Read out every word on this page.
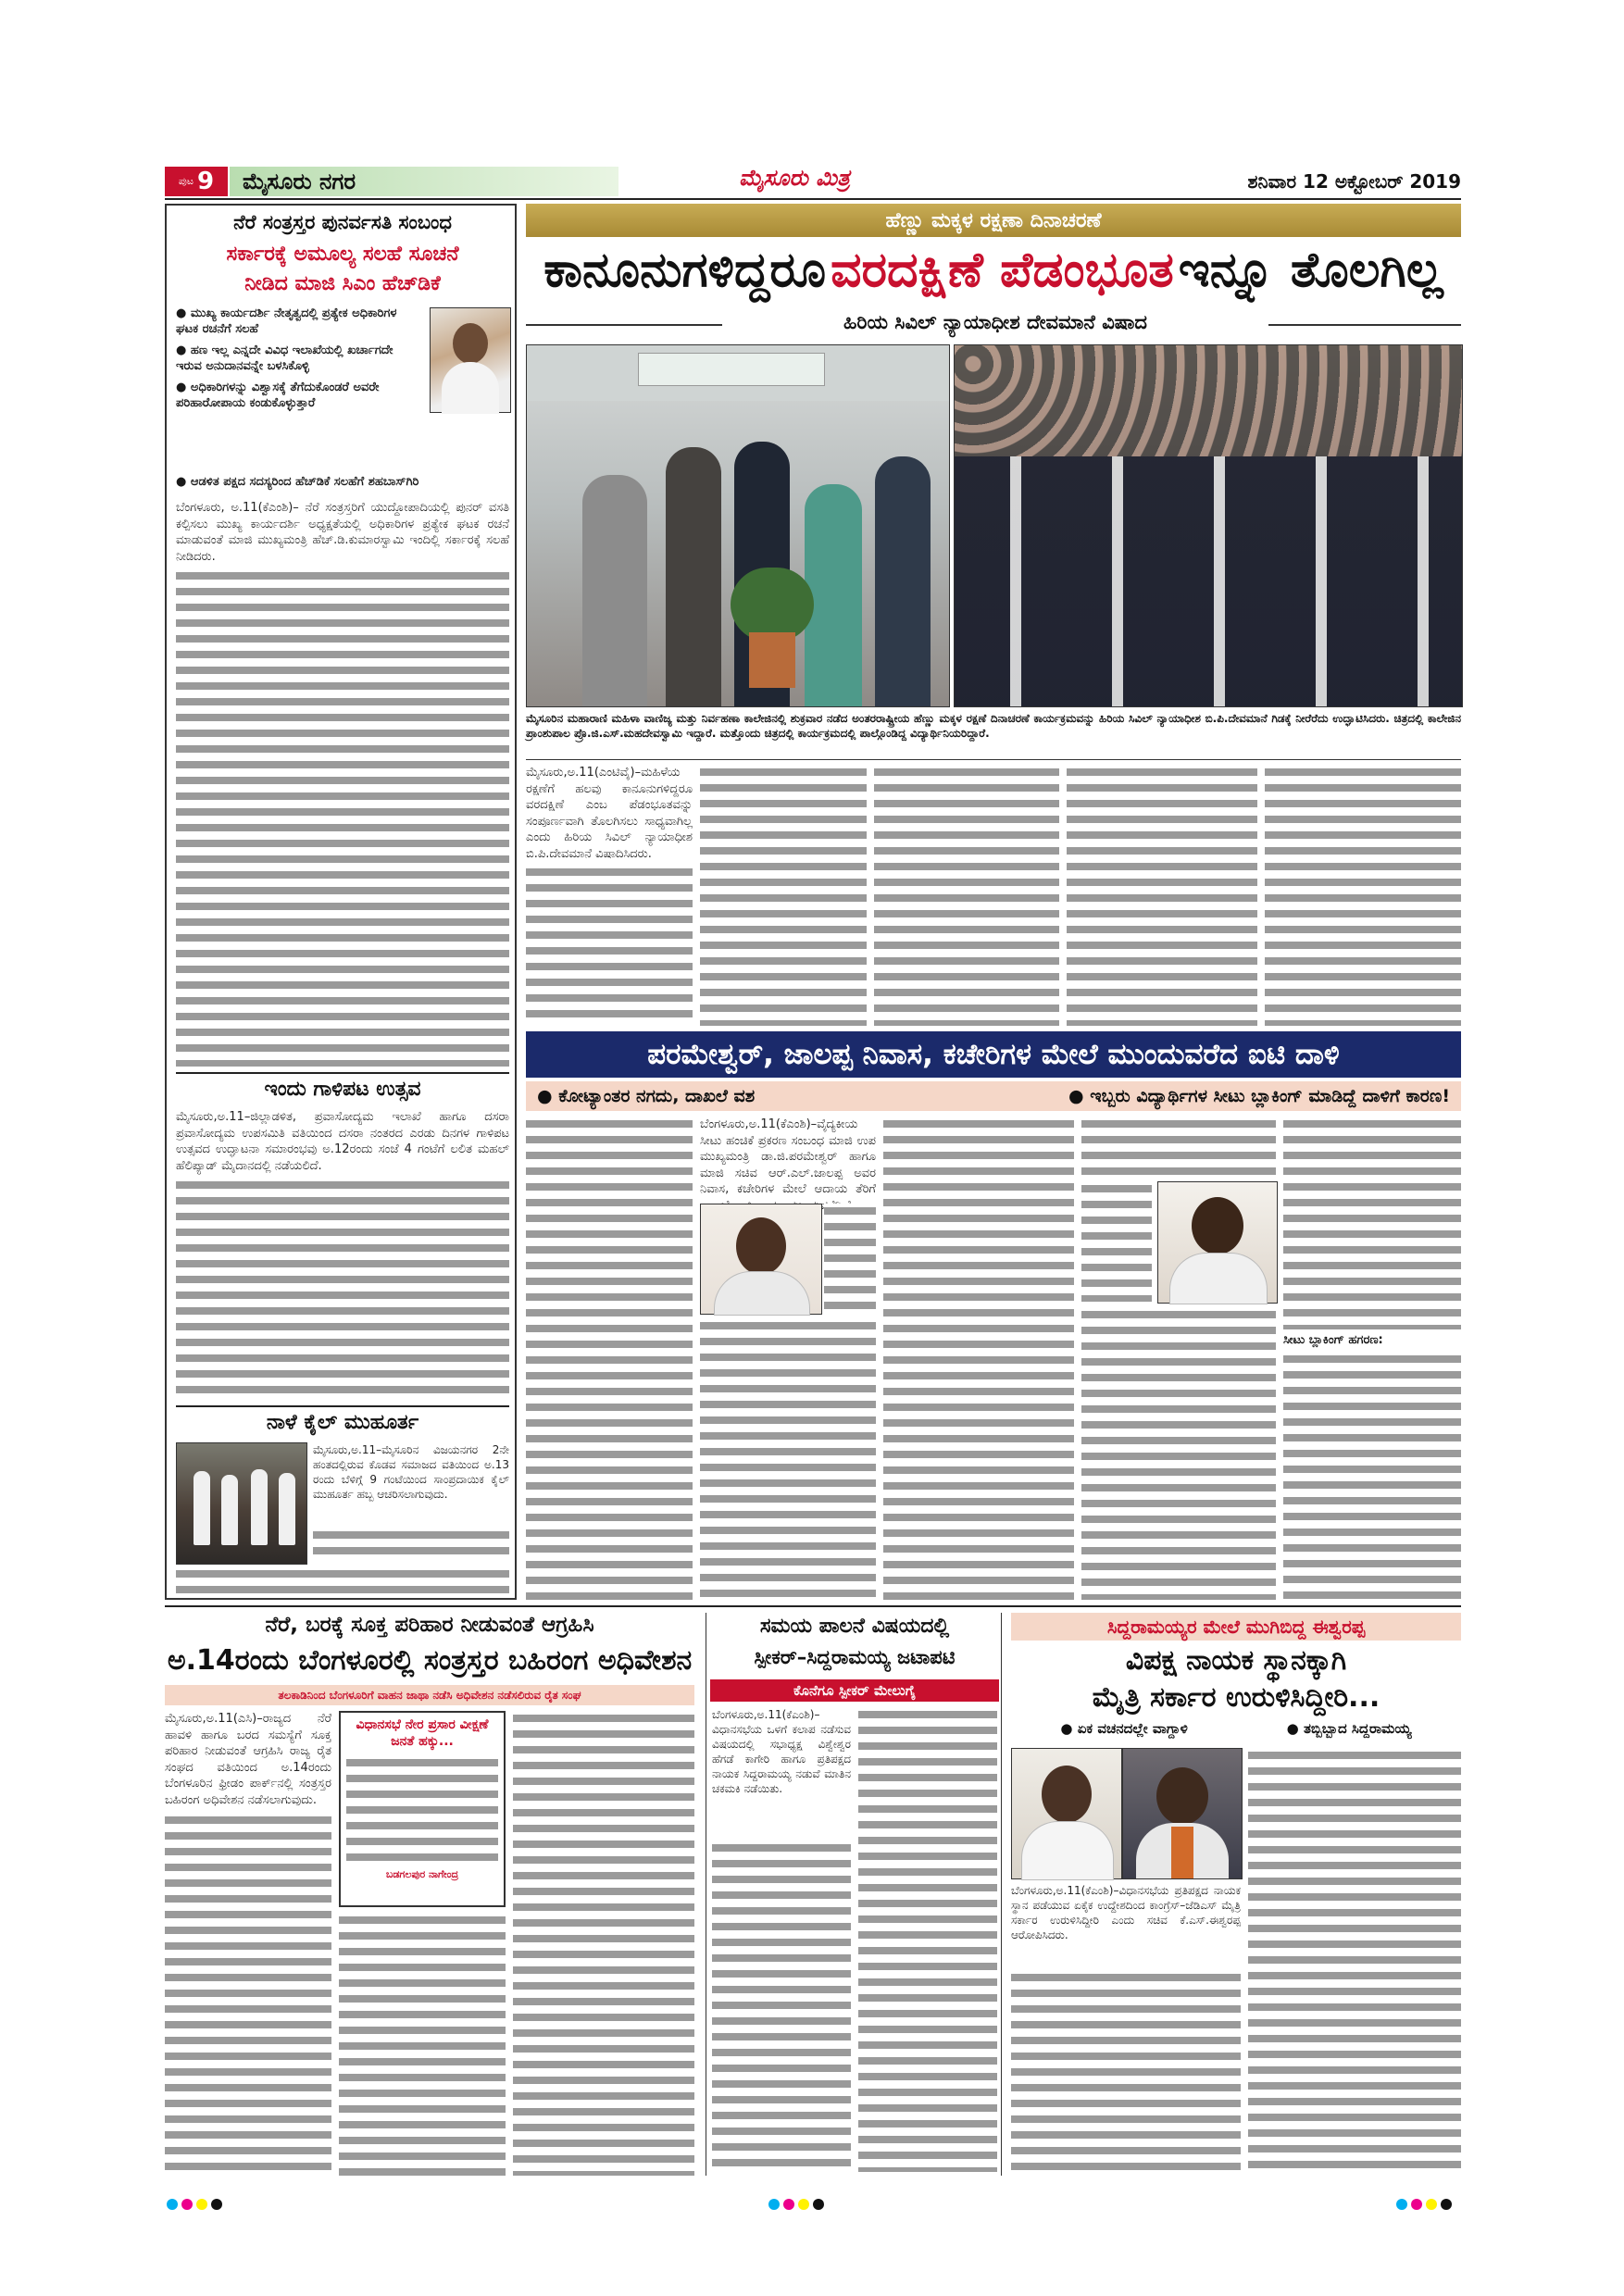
ಪುಟ 9 ಮೈಸೂರು ನಗರ	ಮೈಸೂರು ಮಿತ್ರ	ಶನಿವಾರ 12 ಅಕ್ಟೋಬರ್ 2019
ನೆರೆ ಸಂತ್ರಸ್ತರ ಪುನರ್ವಸತಿ ಸಂಬಂಧ
ಸರ್ಕಾರಕ್ಕೆ ಅಮೂಲ್ಯ ಸಲಹೆ ಸೂಚನೆ
ನೀಡಿದ ಮಾಜಿ ಸಿಎಂ ಹೆಚ್‌ಡಿಕೆ
● ಮುಖ್ಯ ಕಾರ್ಯದರ್ಶಿ ನೇತೃತ್ವದಲ್ಲಿ ಪ್ರತ್ಯೇಕ ಅಧಿಕಾರಿಗಳ ಘಟಕ ರಚನೆಗೆ ಸಲಹೆ
● ಹಣ ಇಲ್ಲ ಎನ್ನದೇ ವಿವಿಧ ಇಲಾಖೆಯಲ್ಲಿ ಖರ್ಚಾಗದೇ ಇರುವ ಅನುದಾನವನ್ನೇ ಬಳಸಿಕೊಳ್ಳಿ
● ಅಧಿಕಾರಿಗಳನ್ನು ವಿಶ್ವಾಸಕ್ಕೆ ತೆಗೆದುಕೊಂಡರೆ ಅವರೇ ಪರಿಹಾರೋಪಾಯ ಕಂಡುಕೊಳ್ಳುತ್ತಾರೆ
● ಆಡಳಿತ ಪಕ್ಷದ ಸದಸ್ಯರಿಂದ ಹೆಚ್‌ಡಿಕೆ ಸಲಹೆಗೆ ಶಹಬಾಸ್‌ಗಿರಿ
ಬೆಂಗಳೂರು, ಅ.11(ಕೆಎಂಶಿ)– ನೆರೆ ಸಂತ್ರಸ್ತರಿಗೆ ಯುದ್ದೋಪಾದಿಯಲ್ಲಿ ಪುನರ್ ವಸತಿ ಕಲ್ಪಿಸಲು ಮುಖ್ಯ ಕಾರ್ಯದರ್ಶಿ ಅಧ್ಯಕ್ಷತೆಯಲ್ಲಿ ಅಧಿಕಾರಿಗಳ ಪ್ರತ್ಯೇಕ ಘಟಕ ರಚನೆ ಮಾಡುವಂತೆ ಮಾಜಿ ಮುಖ್ಯಮಂತ್ರಿ ಹೆಚ್.ಡಿ.ಕುಮಾರಸ್ವಾಮಿ ಇಂದಿಲ್ಲಿ ಸರ್ಕಾರಕ್ಕೆ ಸಲಹೆ ನೀಡಿದರು.
ಇಂದು ಗಾಳಿಪಟ ಉತ್ಸವ
ಮೈಸೂರು,ಅ.11–ಜಿಲ್ಲಾಡಳಿತ, ಪ್ರವಾಸೋದ್ಯಮ ಇಲಾಖೆ ಹಾಗೂ ದಸರಾ ಪ್ರವಾಸೋದ್ಯಮ ಉಪಸಮಿತಿ ವತಿಯಿಂದ ದಸರಾ ನಂತರದ ಎರಡು ದಿನಗಳ ಗಾಳಿಪಟ ಉತ್ಸವದ ಉದ್ಘಾಟನಾ ಸಮಾರಂಭವು ಅ.12ರಂದು ಸಂಜೆ 4 ಗಂಟೆಗೆ ಲಲಿತ ಮಹಲ್ ಹೆಲಿಪ್ಯಾಡ್ ಮೈದಾನದಲ್ಲಿ ನಡೆಯಲಿದೆ.
ನಾಳೆ ಕೈಲ್ ಮುಹೂರ್ತ
ಮೈಸೂರು,ಅ.11–ಮೈಸೂರಿನ ವಿಜಯನಗರ 2ನೇ ಹಂತದಲ್ಲಿರುವ ಕೊಡವ ಸಮಾಜದ ವತಿಯಿಂದ ಅ.13 ರಂದು ಬೆಳಿಗ್ಗೆ 9 ಗಂಟೆಯಿಂದ ಸಾಂಪ್ರದಾಯಿಕ ಕೈಲ್ ಮುಹೂರ್ತ ಹಬ್ಬ ಆಚರಿಸಲಾಗುವುದು.
ಹೆಣ್ಣು ಮಕ್ಕಳ ರಕ್ಷಣಾ ದಿನಾಚರಣೆ
ಕಾನೂನುಗಳಿದ್ದರೂ ವರದಕ್ಷಿಣೆ ಪೆಡಂಭೂತ ಇನ್ನೂ ತೊಲಗಿಲ್ಲ
ಹಿರಿಯ ಸಿವಿಲ್ ನ್ಯಾಯಾಧೀಶ ದೇವಮಾನೆ ವಿಷಾದ
ಮೈಸೂರಿನ ಮಹಾರಾಣಿ ಮಹಿಳಾ ವಾಣಿಜ್ಯ ಮತ್ತು ನಿರ್ವಹಣಾ ಕಾಲೇಜಿನಲ್ಲಿ ಶುಕ್ರವಾರ ನಡೆದ ಅಂತರರಾಷ್ಟ್ರೀಯ ಹೆಣ್ಣು ಮಕ್ಕಳ ರಕ್ಷಣೆ ದಿನಾಚರಣೆ ಕಾರ್ಯಕ್ರಮವನ್ನು ಹಿರಿಯ ಸಿವಿಲ್ ನ್ಯಾಯಾಧೀಶ ಬಿ.ಪಿ.ದೇವಮಾನೆ ಗಿಡಕ್ಕೆ ನೀರೆರೆದು ಉದ್ಘಾಟಿಸಿದರು. ಚಿತ್ರದಲ್ಲಿ ಕಾಲೇಜಿನ ಪ್ರಾಂಶುಪಾಲ ಪ್ರೊ.ಜಿ.ಎಸ್.ಮಹದೇವಸ್ವಾಮಿ ಇದ್ದಾರೆ. ಮತ್ತೊಂದು ಚಿತ್ರದಲ್ಲಿ ಕಾರ್ಯಕ್ರಮದಲ್ಲಿ ಪಾಲ್ಗೊಂಡಿದ್ದ ವಿದ್ಯಾರ್ಥಿನಿಯರಿದ್ದಾರೆ.
ಮೈಸೂರು,ಅ.11(ಎಂಟಿವೈ)–ಮಹಿಳೆಯ ರಕ್ಷಣೆಗೆ ಹಲವು ಕಾನೂನುಗಳಿದ್ದರೂ ವರದಕ್ಷಿಣೆ ಎಂಬ ಪೆಡಂಭೂತವನ್ನು ಸಂಪೂರ್ಣವಾಗಿ ತೊಲಗಿಸಲು ಸಾಧ್ಯವಾಗಿಲ್ಲ ಎಂದು ಹಿರಿಯ ಸಿವಿಲ್ ನ್ಯಾಯಾಧೀಶ ಬಿ.ಪಿ.ದೇವಮಾನೆ ವಿಷಾದಿಸಿದರು.
ಪರಮೇಶ್ವರ್, ಜಾಲಪ್ಪ ನಿವಾಸ, ಕಚೇರಿಗಳ ಮೇಲೆ ಮುಂದುವರೆದ ಐಟಿ ದಾಳಿ
● ಕೋಟ್ಯಾಂತರ ನಗದು, ದಾಖಲೆ ವಶ	● ಇಬ್ಬರು ವಿದ್ಯಾರ್ಥಿಗಳ ಸೀಟು ಬ್ಲಾಕಿಂಗ್ ಮಾಡಿದ್ದೆ ದಾಳಿಗೆ ಕಾರಣ!
ಬೆಂಗಳೂರು,ಅ.11(ಕೆಎಂಶಿ)–ವೈದ್ಯಕೀಯ ಸೀಟು ಹಂಚಿಕೆ ಪ್ರಕರಣ ಸಂಬಂಧ ಮಾಜಿ ಉಪ ಮುಖ್ಯಮಂತ್ರಿ ಡಾ.ಜಿ.ಪರಮೇಶ್ವರ್ ಹಾಗೂ ಮಾಜಿ ಸಚಿವ ಆರ್.ಎಲ್.ಜಾಲಪ್ಪ ಅವರ ನಿವಾಸ, ಕಚೇರಿಗಳ ಮೇಲೆ ಆದಾಯ ತೆರಿಗೆ
ಸೀಟು ಬ್ಲಾಕಿಂಗ್ ಹಗರಣ:
ನೆರೆ, ಬರಕ್ಕೆ ಸೂಕ್ತ ಪರಿಹಾರ ನೀಡುವಂತೆ ಆಗ್ರಹಿಸಿ
ಅ.14ರಂದು ಬೆಂಗಳೂರಲ್ಲಿ ಸಂತ್ರಸ್ತರ ಬಹಿರಂಗ ಅಧಿವೇಶನ
ತಲಕಾಡಿನಿಂದ ಬೆಂಗಳೂರಿಗೆ ವಾಹನ ಜಾಥಾ ನಡೆಸಿ ಅಧಿವೇಶನ ನಡೆಸಲಿರುವ ರೈತ ಸಂಘ
ಮೈಸೂರು,ಅ.11(ಎಸಿ)–ರಾಜ್ಯದ ನೆರೆ ಹಾವಳಿ ಹಾಗೂ ಬರದ ಸಮಸ್ಯೆಗೆ ಸೂಕ್ತ ಪರಿಹಾರ ನೀಡುವಂತೆ ಆಗ್ರಹಿಸಿ ರಾಜ್ಯ ರೈತ ಸಂಘದ ವತಿಯಿಂದ ಅ.14ರಂದು ಬೆಂಗಳೂರಿನ ಫ್ರೀಡಂ ಪಾರ್ಕ್‌ನಲ್ಲಿ ಸಂತ್ರಸ್ತರ ಬಹಿರಂಗ ಅಧಿವೇಶನ ನಡೆಸಲಾಗುವುದು.
ವಿಧಾನಸಭೆ ನೇರ ಪ್ರಸಾರ ವೀಕ್ಷಣೆ ಜನತೆ ಹಕ್ಕು...
ಬಡಗಲಪುರ ನಾಗೇಂದ್ರ
ಸಮಯ ಪಾಲನೆ ವಿಷಯದಲ್ಲಿ
ಸ್ಪೀಕರ್–ಸಿದ್ದರಾಮಯ್ಯ ಜಟಾಪಟಿ
ಕೊನೆಗೂ ಸ್ಪೀಕರ್ ಮೇಲುಗೈ
ಬೆಂಗಳೂರು,ಅ.11(ಕೆಎಂಶಿ)–ವಿಧಾನಸಭೆಯ ಒಳಗೆ ಕಲಾಪ ನಡೆಸುವ ವಿಷಯದಲ್ಲಿ ಸಭಾಧ್ಯಕ್ಷ ವಿಶ್ವೇಶ್ವರ ಹೆಗಡೆ ಕಾಗೇರಿ ಹಾಗೂ ಪ್ರತಿಪಕ್ಷದ ನಾಯಕ ಸಿದ್ದರಾಮಯ್ಯ ನಡುವೆ ಮಾತಿನ ಚಕಮಕಿ ನಡೆಯಿತು.
ಸಿದ್ದರಾಮಯ್ಯರ ಮೇಲೆ ಮುಗಿಬಿದ್ದ ಈಶ್ವರಪ್ಪ
ವಿಪಕ್ಷ ನಾಯಕ ಸ್ಥಾನಕ್ಕಾಗಿ
ಮೈತ್ರಿ ಸರ್ಕಾರ ಉರುಳಿಸಿದ್ದೀರಿ...
● ಏಕ ವಚನದಲ್ಲೇ ವಾಗ್ದಾಳಿ	● ತಬ್ಬಿಬ್ಬಾದ ಸಿದ್ದರಾಮಯ್ಯ
ಬೆಂಗಳೂರು,ಅ.11(ಕೆಎಂಶಿ)–ವಿಧಾನಸಭೆಯ ಪ್ರತಿಪಕ್ಷದ ನಾಯಕ ಸ್ಥಾನ ಪಡೆಯುವ ಏಕೈಕ ಉದ್ದೇಶದಿಂದ ಕಾಂಗ್ರೆಸ್–ಜೆಡಿಎಸ್ ಮೈತ್ರಿ ಸರ್ಕಾರ ಉರುಳಿಸಿದ್ದೀರಿ ಎಂದು ಸಚಿವ ಕೆ.ಎಸ್.ಈಶ್ವರಪ್ಪ ಆರೋಪಿಸಿದರು.
